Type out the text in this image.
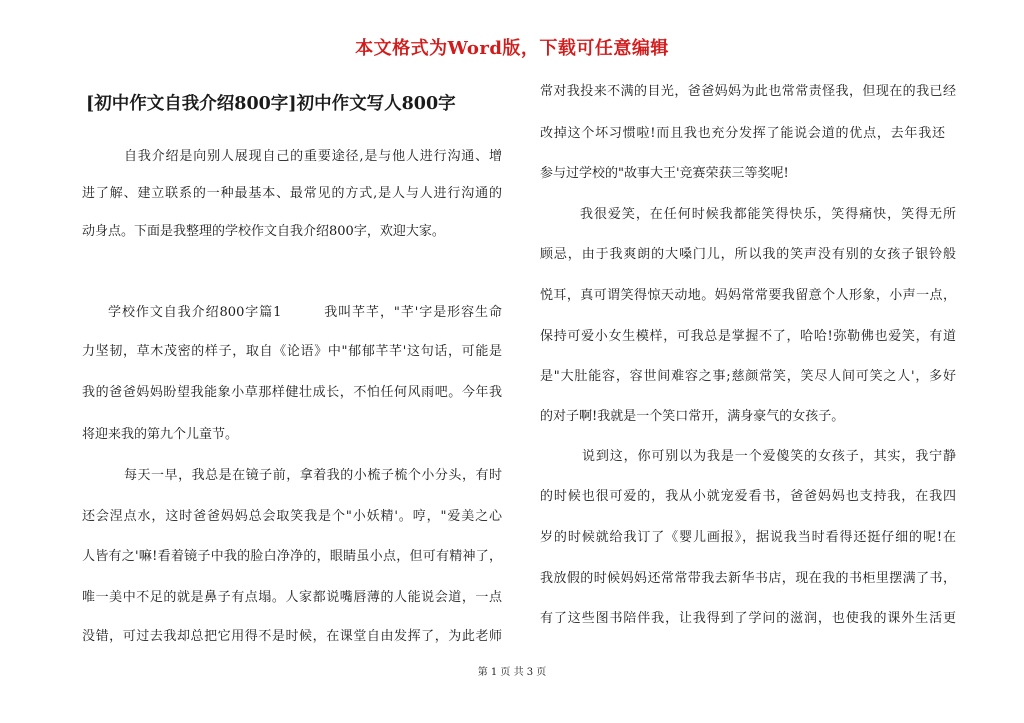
本文格式为Word版，下载可任意编辑
[初中作文自我介绍800字]初中作文写人800字
自我介绍是向别人展现自己的重要途径,是与他人进行沟通、增
进了解、建立联系的一种最基本、最常见的方式,是人与人进行沟通的
动身点。下面是我整理的学校作文自我介绍800字，欢迎大家。
学校作文自我介绍800字篇1　　　我叫芊芊，"芊'字是形容生命
力坚韧，草木茂密的样子，取自《论语》中"郁郁芊芊'这句话，可能是
我的爸爸妈妈盼望我能象小草那样健壮成长，不怕任何风雨吧。今年我
将迎来我的第九个儿童节。
每天一早，我总是在镜子前，拿着我的小梳子梳个小分头，有时
还会涅点水，这时爸爸妈妈总会取笑我是个"小妖精'。哼，"爱美之心
人皆有之'嘛!看着镜子中我的脸白净净的，眼睛虽小点，但可有精神了，
唯一美中不足的就是鼻子有点塌。人家都说嘴唇薄的人能说会道，一点
没错，可过去我却总把它用得不是时候，在课堂自由发挥了，为此老师
常对我投来不满的目光，爸爸妈妈为此也常常责怪我，但现在的我已经
改掉这个坏习惯啦!而且我也充分发挥了能说会道的优点，去年我还
参与过学校的"故事大王'竞赛荣获三等奖呢!
我很爱笑，在任何时候我都能笑得快乐，笑得痛快，笑得无所
顾忌，由于我爽朗的大嗓门儿，所以我的笑声没有别的女孩子银铃般
悦耳，真可谓笑得惊天动地。妈妈常常要我留意个人形象，小声一点，
保持可爱小女生模样，可我总是掌握不了，哈哈!弥勒佛也爱笑，有道
是"大肚能容，容世间难容之事;慈颜常笑，笑尽人间可笑之人'，多好
的对子啊!我就是一个笑口常开，满身豪气的女孩子。
说到这，你可别以为我是一个爱傻笑的女孩子，其实，我宁静
的时候也很可爱的，我从小就宠爱看书，爸爸妈妈也支持我，在我四
岁的时候就给我订了《婴儿画报》，据说我当时看得还挺仔细的呢!在
我放假的时候妈妈还常常带我去新华书店，现在我的书柜里摆满了书，
有了这些图书陪伴我，让我得到了学问的滋润，也使我的课外生活更
第 1 页 共 3 页
